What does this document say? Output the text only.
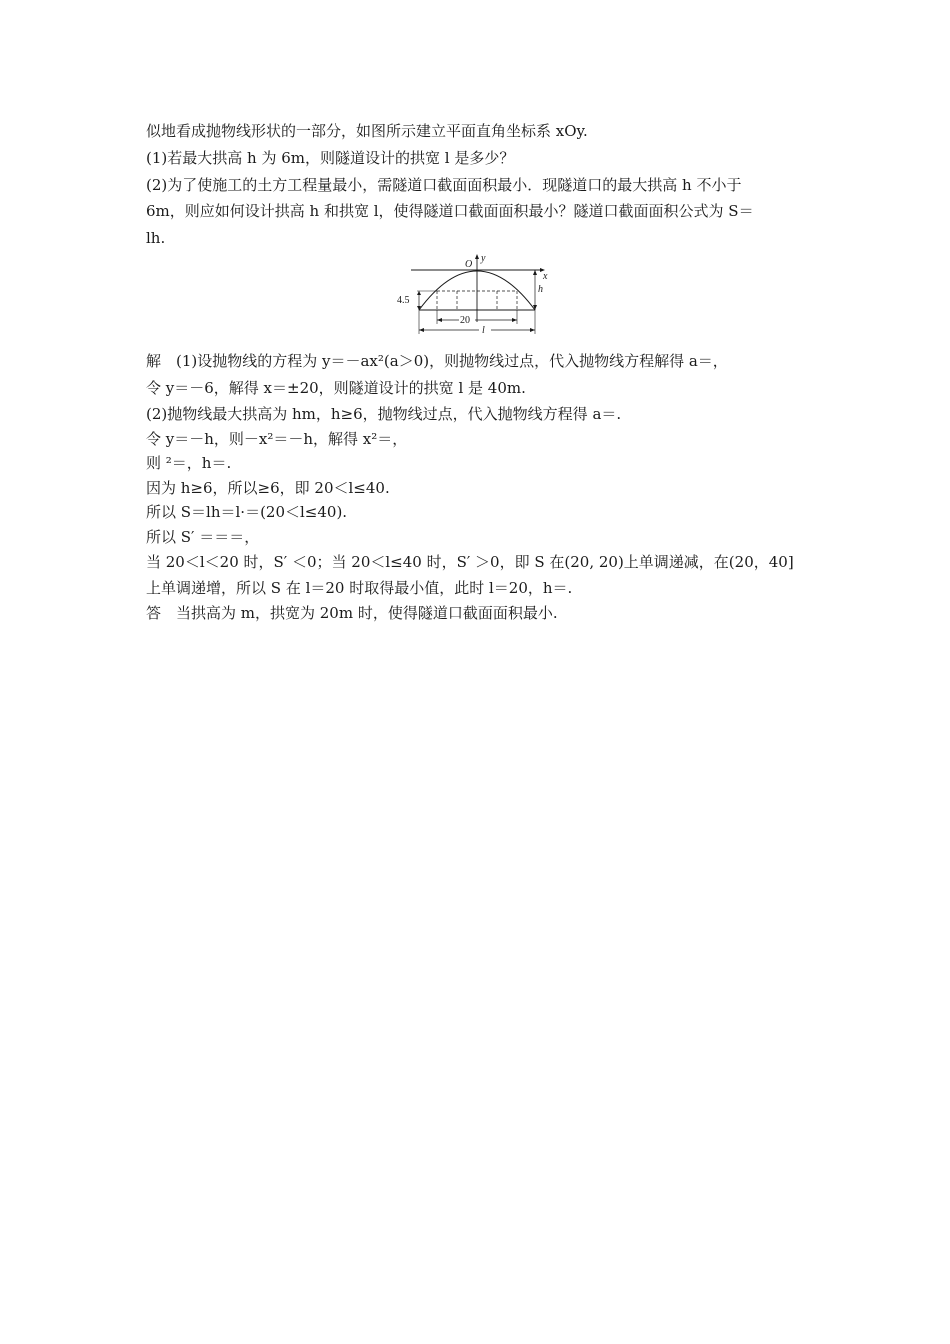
似地看成抛物线形状的一部分，如图所示建立平面直角坐标系 xOy.
(1)若最大拱高 h 为 6m，则隧道设计的拱宽 l 是多少？
(2)为了使施工的土方工程量最小，需隧道口截面面积最小．现隧道口的最大拱高 h 不小于
6m，则应如何设计拱高 h 和拱宽 l，使得隧道口截面面积最小？隧道口截面面积公式为 S＝
lh.
y
x
O
h
4.5
20
l
解　(1)设抛物线的方程为 y＝－ax²(a＞0)，则抛物线过点，代入抛物线方程解得 a＝，
令 y＝－6，解得 x＝±20，则隧道设计的拱宽 l 是 40m.
(2)抛物线最大拱高为 hm，h≥6，抛物线过点，代入抛物线方程得 a＝.
令 y＝－h，则－x²＝－h，解得 x²＝，
则 ²＝，h＝.
因为 h≥6，所以≥6，即 20＜l≤40.
所以 S＝lh＝l·＝(20＜l≤40).
所以 S′ ＝＝＝，
当 20＜l＜20 时，S′ ＜0；当 20＜l≤40 时，S′ ＞0，即 S 在(20, 20)上单调递减，在(20，40]
上单调递增，所以 S 在 l＝20 时取得最小值，此时 l＝20，h＝.
答　当拱高为 m，拱宽为 20m 时，使得隧道口截面面积最小.
